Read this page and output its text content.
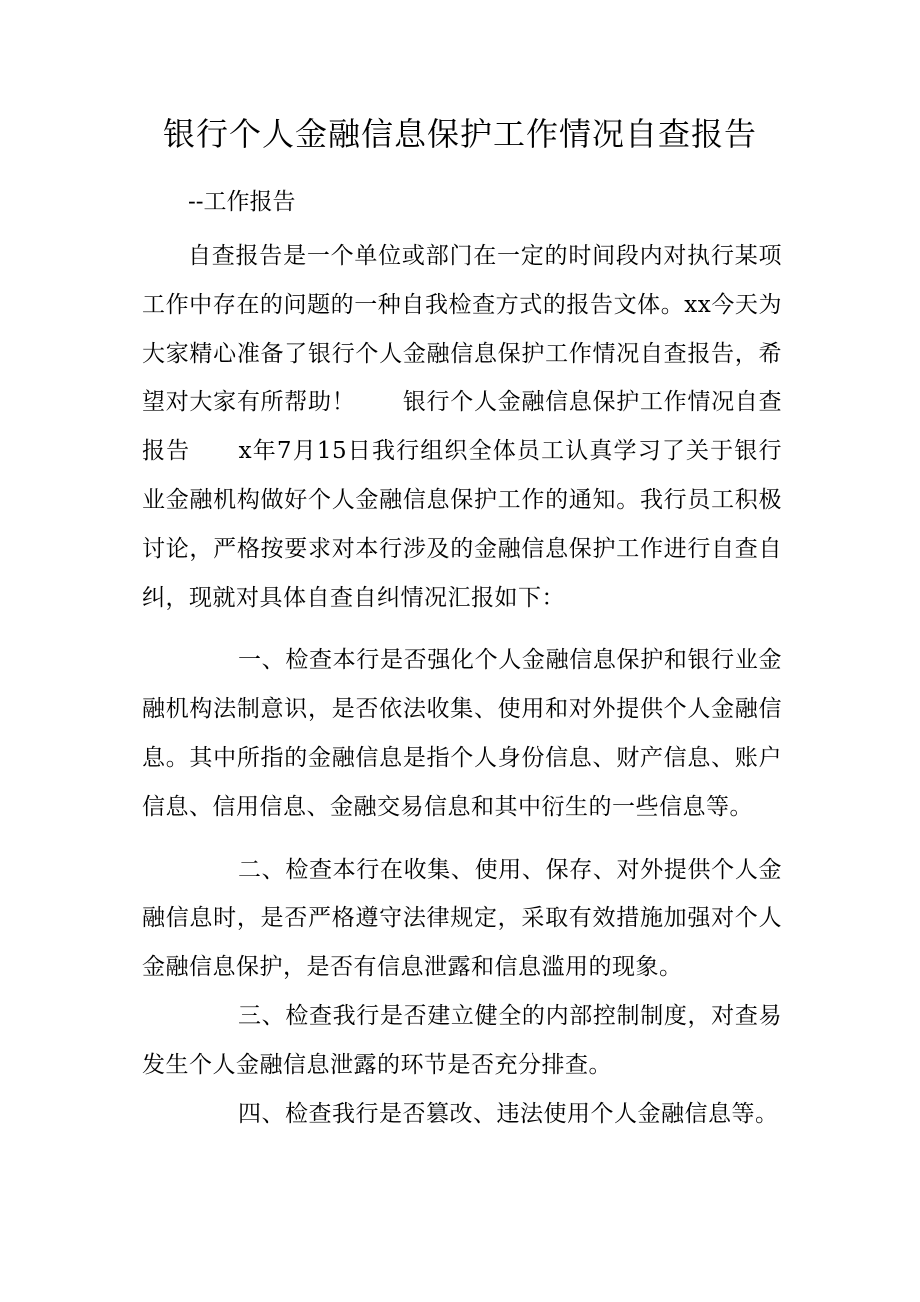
银行个人金融信息保护工作情况自查报告

--工作报告

自查报告是一个单位或部门在一定的时间段内对执行某项工作中存在的问题的一种自我检查方式的报告文体。xx今天为大家精心准备了银行个人金融信息保护工作情况自查报告，希望对大家有所帮助！　　银行个人金融信息保护工作情况自查报告　　x年7月15日我行组织全体员工认真学习了关于银行业金融机构做好个人金融信息保护工作的通知。我行员工积极讨论，严格按要求对本行涉及的金融信息保护工作进行自查自纠，现就对具体自查自纠情况汇报如下：

一、检查本行是否强化个人金融信息保护和银行业金融机构法制意识，是否依法收集、使用和对外提供个人金融信息。其中所指的金融信息是指个人身份信息、财产信息、账户信息、信用信息、金融交易信息和其中衍生的一些信息等。

二、检查本行在收集、使用、保存、对外提供个人金融信息时，是否严格遵守法律规定，采取有效措施加强对个人金融信息保护，是否有信息泄露和信息滥用的现象。

三、检查我行是否建立健全的内部控制制度，对查易发生个人金融信息泄露的环节是否充分排查。

四、检查我行是否篡改、违法使用个人金融信息等。
